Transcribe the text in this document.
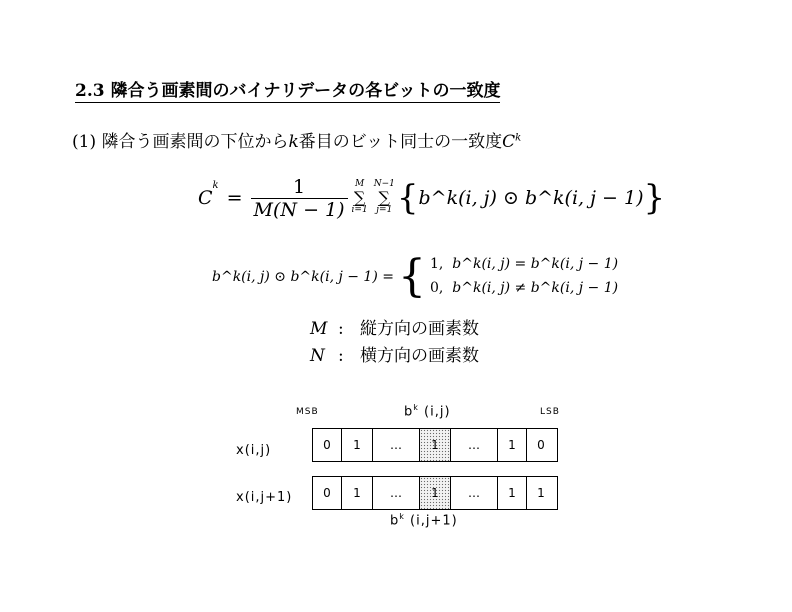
2.3 隣合う画素間のバイナリデータの各ビットの一致度
(1) 隣合う画素間の下位からk番目のビット同士の一致度$C^k$
C
$^k$
= $\frac{1}{M(N - 1)}$ M
∑
i=1
N−1
∑
j=1 { b^k(i, j) ⊙ b^k(i, j − 1) }
b^k(i, j) ⊙ b^k(i, j − 1) = { 1, b^k(i, j) = b^k(i, j − 1)
0, b^k(i, j) ≠ b^k(i, j − 1)
M : 縦方向の画素数
N : 横方向の画素数
MSB	LSB
$b^k$ (i,j)
x(i,j)	0	1	…	1	…	1	0
x(i,j+1)	0	1	…	1	…	1	1
$b^k$ (i,j+1)
